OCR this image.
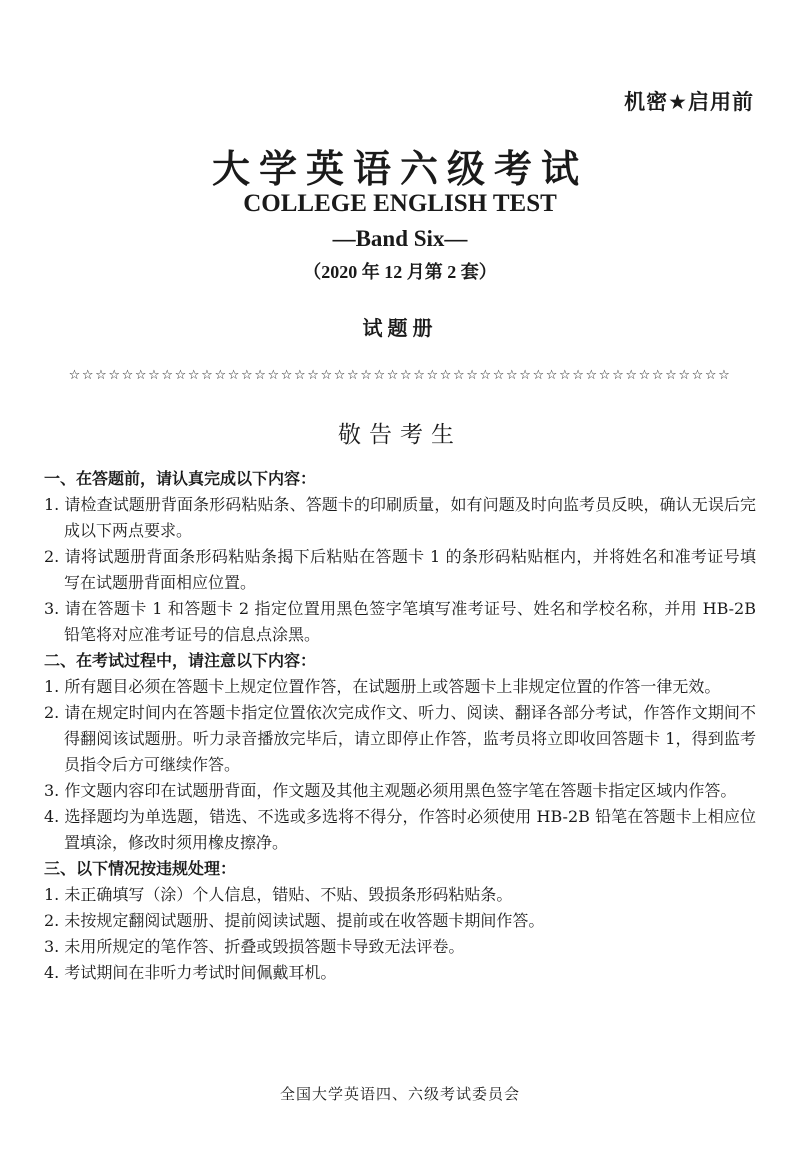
机密★启用前
大学英语六级考试
COLLEGE ENGLISH TEST
—Band Six—
（2020 年 12 月第 2 套）
试题册
☆☆☆☆☆☆☆☆☆☆☆☆☆☆☆☆☆☆☆☆☆☆☆☆☆☆☆☆☆☆☆☆☆☆☆☆☆☆☆☆☆☆☆☆☆☆☆☆☆☆
敬告考生
一、在答题前，请认真完成以下内容：
1. 请检查试题册背面条形码粘贴条、答题卡的印刷质量，如有问题及时向监考员反映，确认无误后完成以下两点要求。
2. 请将试题册背面条形码粘贴条揭下后粘贴在答题卡 1 的条形码粘贴框内，并将姓名和准考证号填写在试题册背面相应位置。
3. 请在答题卡 1 和答题卡 2 指定位置用黑色签字笔填写准考证号、姓名和学校名称，并用 HB-2B 铅笔将对应准考证号的信息点涂黑。
二、在考试过程中，请注意以下内容：
1. 所有题目必须在答题卡上规定位置作答，在试题册上或答题卡上非规定位置的作答一律无效。
2. 请在规定时间内在答题卡指定位置依次完成作文、听力、阅读、翻译各部分考试，作答作文期间不得翻阅该试题册。听力录音播放完毕后，请立即停止作答，监考员将立即收回答题卡 1，得到监考员指令后方可继续作答。
3. 作文题内容印在试题册背面，作文题及其他主观题必须用黑色签字笔在答题卡指定区域内作答。
4. 选择题均为单选题，错选、不选或多选将不得分，作答时必须使用 HB-2B 铅笔在答题卡上相应位置填涂，修改时须用橡皮擦净。
三、以下情况按违规处理：
1. 未正确填写（涂）个人信息，错贴、不贴、毁损条形码粘贴条。
2. 未按规定翻阅试题册、提前阅读试题、提前或在收答题卡期间作答。
3. 未用所规定的笔作答、折叠或毁损答题卡导致无法评卷。
4. 考试期间在非听力考试时间佩戴耳机。
全国大学英语四、六级考试委员会
